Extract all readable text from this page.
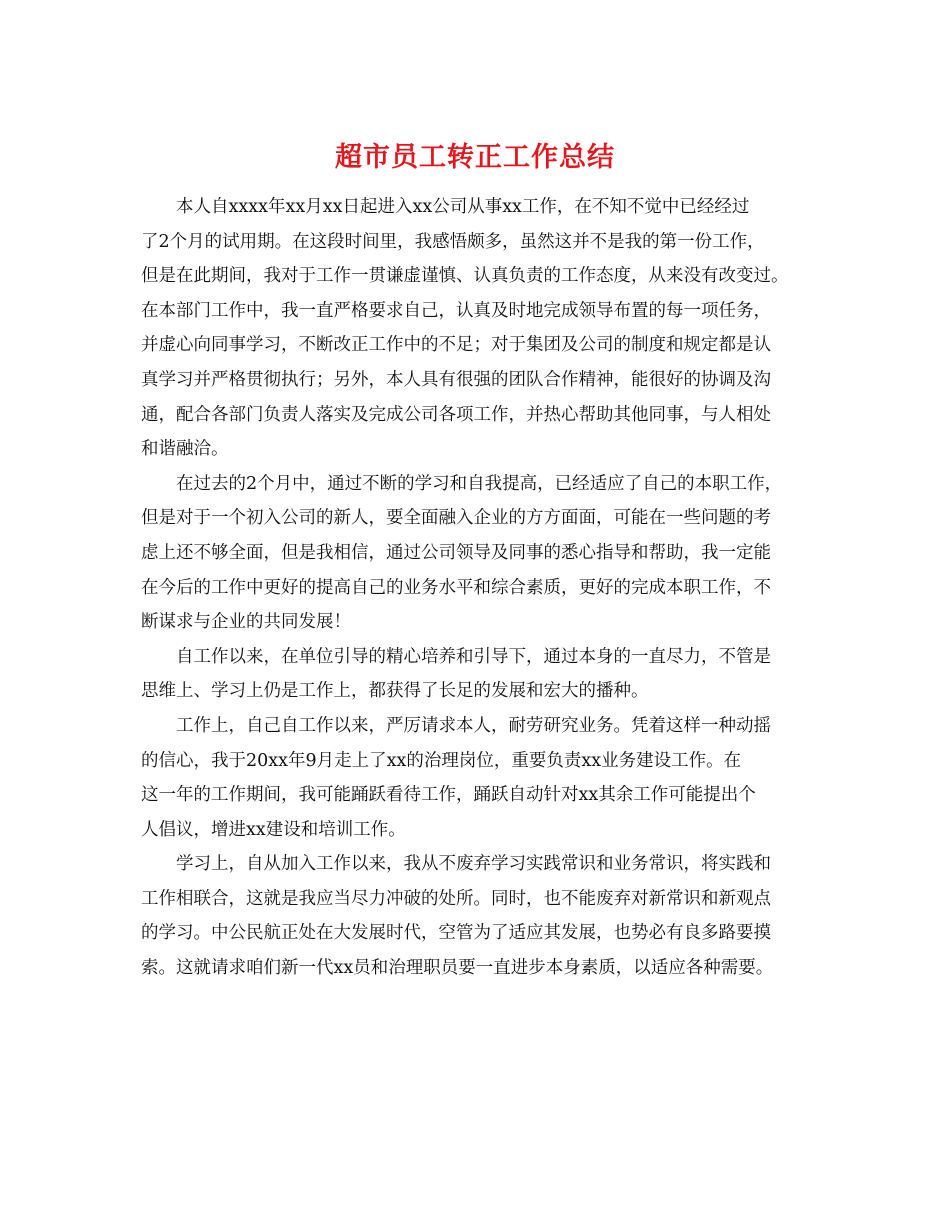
超市员工转正工作总结
本人自xxxx年xx月xx日起进入xx公司从事xx工作，在不知不觉中已经经过
了2个月的试用期。在这段时间里，我感悟颇多，虽然这并不是我的第一份工作，
但是在此期间，我对于工作一贯谦虚谨慎、认真负责的工作态度，从来没有改变过。
在本部门工作中，我一直严格要求自己，认真及时地完成领导布置的每一项任务，
并虚心向同事学习，不断改正工作中的不足；对于集团及公司的制度和规定都是认
真学习并严格贯彻执行；另外，本人具有很强的团队合作精神，能很好的协调及沟
通，配合各部门负责人落实及完成公司各项工作，并热心帮助其他同事，与人相处
和谐融洽。
在过去的2个月中，通过不断的学习和自我提高，已经适应了自己的本职工作，
但是对于一个初入公司的新人，要全面融入企业的方方面面，可能在一些问题的考
虑上还不够全面，但是我相信，通过公司领导及同事的悉心指导和帮助，我一定能
在今后的工作中更好的提高自己的业务水平和综合素质，更好的完成本职工作，不
断谋求与企业的共同发展！
自工作以来，在单位引导的精心培养和引导下，通过本身的一直尽力，不管是
思维上、学习上仍是工作上，都获得了长足的发展和宏大的播种。
工作上，自己自工作以来，严厉请求本人，耐劳研究业务。凭着这样一种动摇
的信心，我于20xx年9月走上了xx的治理岗位，重要负责xx业务建设工作。在
这一年的工作期间，我可能踊跃看待工作，踊跃自动针对xx其余工作可能提出个
人倡议，增进xx建设和培训工作。
学习上，自从加入工作以来，我从不废弃学习实践常识和业务常识，将实践和
工作相联合，这就是我应当尽力冲破的处所。同时，也不能废弃对新常识和新观点
的学习。中公民航正处在大发展时代，空管为了适应其发展，也势必有良多路要摸
索。这就请求咱们新一代xx员和治理职员要一直进步本身素质，以适应各种需要。
